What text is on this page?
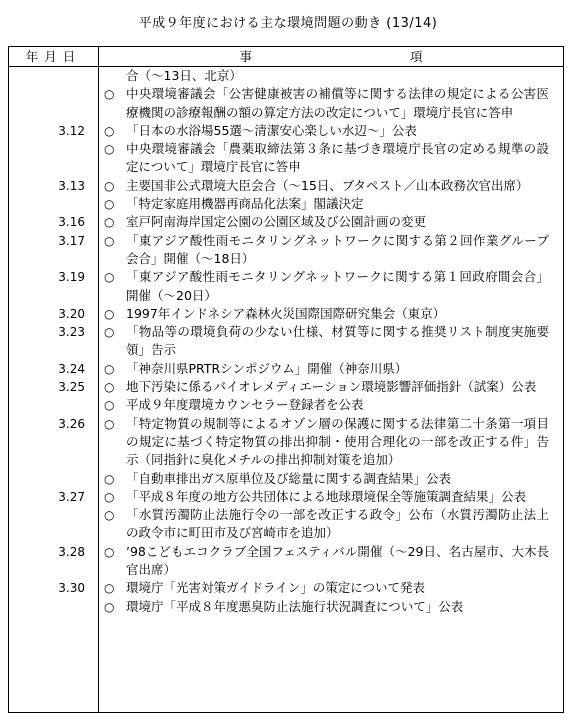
平成９年度における主な環境問題の動き (13/14)
年月日	事	項
合（～13日、北京）
○ 中央環境審議会「公害健康被害の補償等に関する法律の規定による公害医療機関の診療報酬の額の算定方法の改定について」環境庁長官に答申
3.12	○ 「日本の水浴場55選～清潔安心楽しい水辺～」公表
○ 中央環境審議会「農薬取締法第３条に基づき環境庁長官の定める規準の設定について」環境庁長官に答申
3.13	○ 主要国非公式環境大臣会合（～15日、ブタペスト／山本政務次官出席）
○ 「特定家庭用機器再商品化法案」閣議決定
3.16	○ 室戸阿南海岸国定公園の公園区域及び公園計画の変更
3.17	○ 「東アジア酸性雨モニタリングネットワークに関する第２回作業グループ会合」開催（～18日）
3.19	○ 「東アジア酸性雨モニタリングネットワークに関する第１回政府間会合」開催（～20日）
3.20	○ 1997年インドネシア森林火災国際国際研究集会（東京）
3.23	○ 「物品等の環境負荷の少ない仕様、材質等に関する推奨リスト制度実施要領」告示
3.24	○ 「神奈川県PRTRシンポジウム」開催（神奈川県）
3.25	○ 地下汚染に係るバイオレメディエーション環境影響評価指針（試案）公表
○ 平成９年度環境カウンセラー登録者を公表
3.26	○ 「特定物質の規制等によるオゾン層の保護に関する法律第二十条第一項目の規定に基づく特定物質の排出抑制・使用合理化の一部を改正する件」告示（同指針に臭化メチルの排出抑制対策を追加）
○ 「自動車排出ガス原単位及び総量に関する調査結果」公表
3.27	○ 「平成８年度の地方公共団体による地球環境保全等施策調査結果」公表
○ 「水質汚濁防止法施行令の一部を改正する政令」公布（水質汚濁防止法上の政令市に町田市及び宮崎市を追加）
3.28	○ ’98こどもエコクラブ全国フェスティバル開催（～29日、名古屋市、大木長官出席）
3.30	○ 環境庁「光害対策ガイドライン」の策定について発表
○ 環境庁「平成８年度悪臭防止法施行状況調査について」公表
